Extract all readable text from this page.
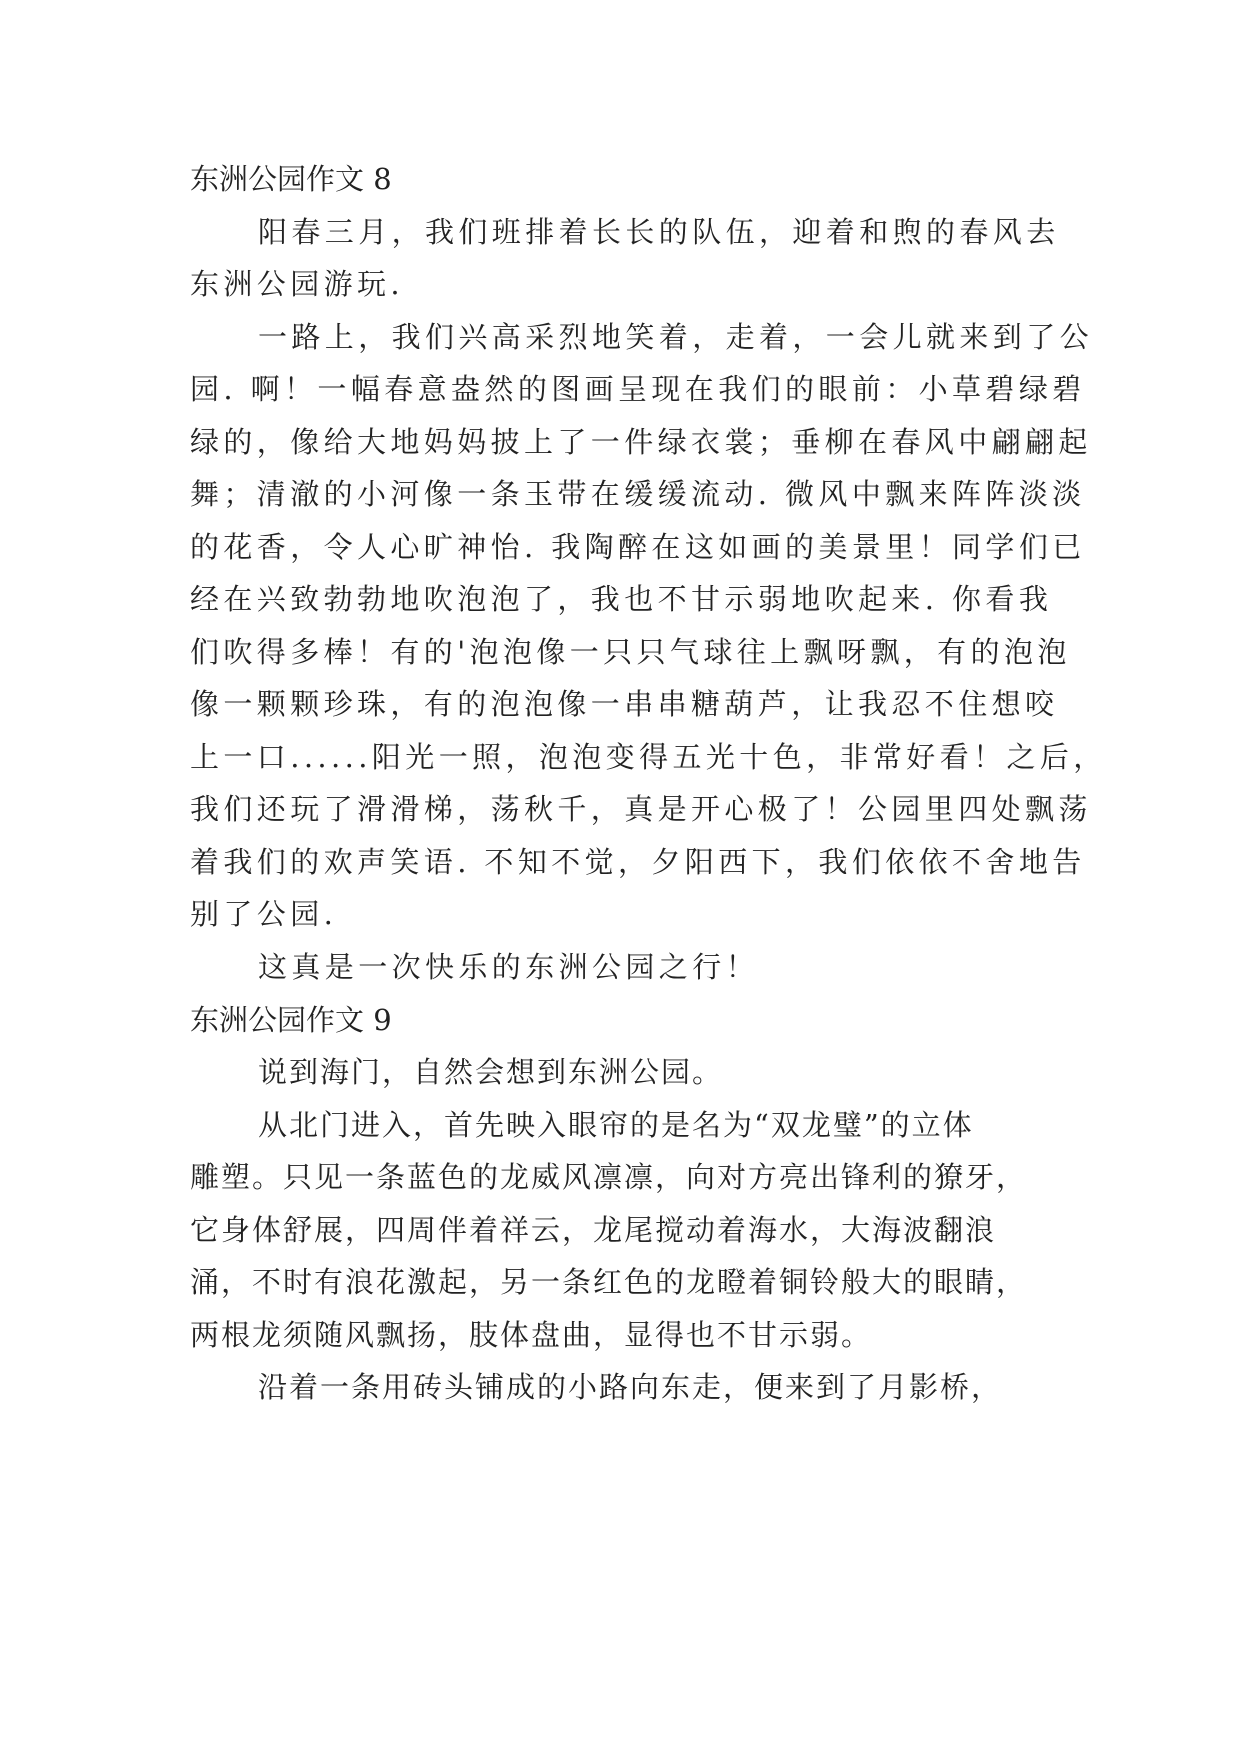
东洲公园作文 8
阳春三月，我们班排着长长的队伍，迎着和煦的春风去
东洲公园游玩.
一路上，我们兴高采烈地笑着，走着，一会儿就来到了公
园. 啊！一幅春意盎然的图画呈现在我们的眼前：小草碧绿碧
绿的，像给大地妈妈披上了一件绿衣裳；垂柳在春风中翩翩起
舞；清澈的小河像一条玉带在缓缓流动. 微风中飘来阵阵淡淡
的花香，令人心旷神怡. 我陶醉在这如画的美景里！同学们已
经在兴致勃勃地吹泡泡了，我也不甘示弱地吹起来. 你看我
们吹得多棒！有的'泡泡像一只只气球往上飘呀飘，有的泡泡
像一颗颗珍珠，有的泡泡像一串串糖葫芦，让我忍不住想咬
上一口......阳光一照，泡泡变得五光十色，非常好看！之后，
我们还玩了滑滑梯，荡秋千，真是开心极了！公园里四处飘荡
着我们的欢声笑语. 不知不觉，夕阳西下，我们依依不舍地告
别了公园.
这真是一次快乐的东洲公园之行！
东洲公园作文 9
说到海门，自然会想到东洲公园。
从北门进入，首先映入眼帘的是名为“双龙璧”的立体
雕塑。只见一条蓝色的龙威风凛凛，向对方亮出锋利的獠牙，
它身体舒展，四周伴着祥云，龙尾搅动着海水，大海波翻浪
涌，不时有浪花激起，另一条红色的龙瞪着铜铃般大的眼睛，
两根龙须随风飘扬，肢体盘曲，显得也不甘示弱。
沿着一条用砖头铺成的小路向东走，便来到了月影桥，
